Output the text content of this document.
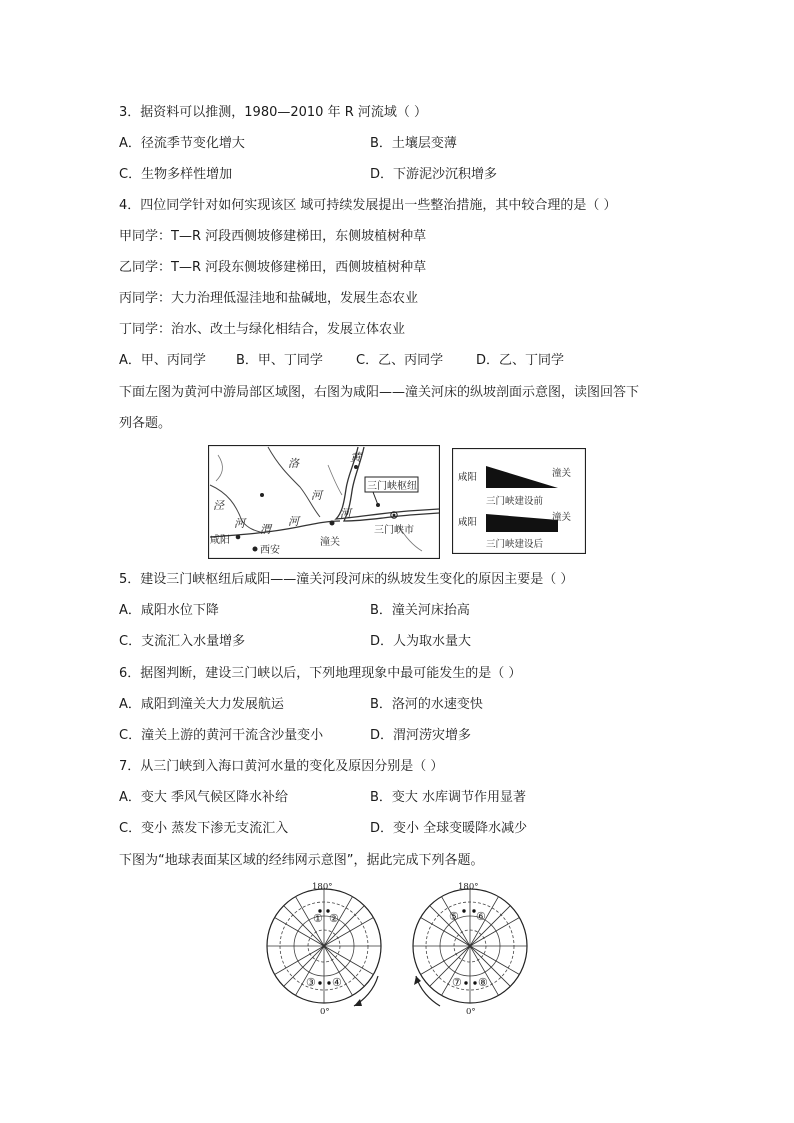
3．据资料可以推测，1980—2010 年 R 河流域（ ）
A．径流季节变化增大	B．土壤层变薄
C．生物多样性增加	D．下游泥沙沉积增多
4．四位同学针对如何实现该区 域可持续发展提出一些整治措施，其中较合理的是（ ）
甲同学：T—R 河段西侧坡修建梯田，东侧坡植树种草
乙同学：T—R 河段东侧坡修建梯田，西侧坡植树种草
丙同学：大力治理低湿洼地和盐碱地，发展生态农业
丁同学：治水、改土与绿化相结合，发展立体农业
A．甲、丙同学 B．甲、丁同学	C．乙、丙同学	D．乙、丁同学
下面左图为黄河中游局部区域图，右图为咸阳——潼关河床的纵坡剖面示意图，读图回答下
列各题。
洛	黄
河
泾
河 渭
河
河
三门峡枢纽
咸阳
西安
潼关
三门峡市
咸阳	潼关
三门峡建设前
咸阳	潼关
三门峡建设后
5．建设三门峡枢纽后咸阳——潼关河段河床的纵坡发生变化的原因主要是（ ）
A．咸阳水位下降	B．潼关河床抬高
C．支流汇入水量增多	D．人为取水量大
6．据图判断，建设三门峡以后，下列地理现象中最可能发生的是（ ）
A．咸阳到潼关大力发展航运	B．洛河的水速变快
C．潼关上游的黄河干流含沙量变小	D．渭河涝灾增多
7．从三门峡到入海口黄河水量的变化及原因分别是（ ）
A．变大 季风气候区降水补给	B．变大 水库调节作用显著
C．变小 蒸发下渗无支流汇入	D．变小 全球变暖降水减少
下图为“地球表面某区域的经纬网示意图”，据此完成下列各题。
180°
0°
① ②
③ ④
180°
0°
⑤ ⑥
⑦ ⑧
